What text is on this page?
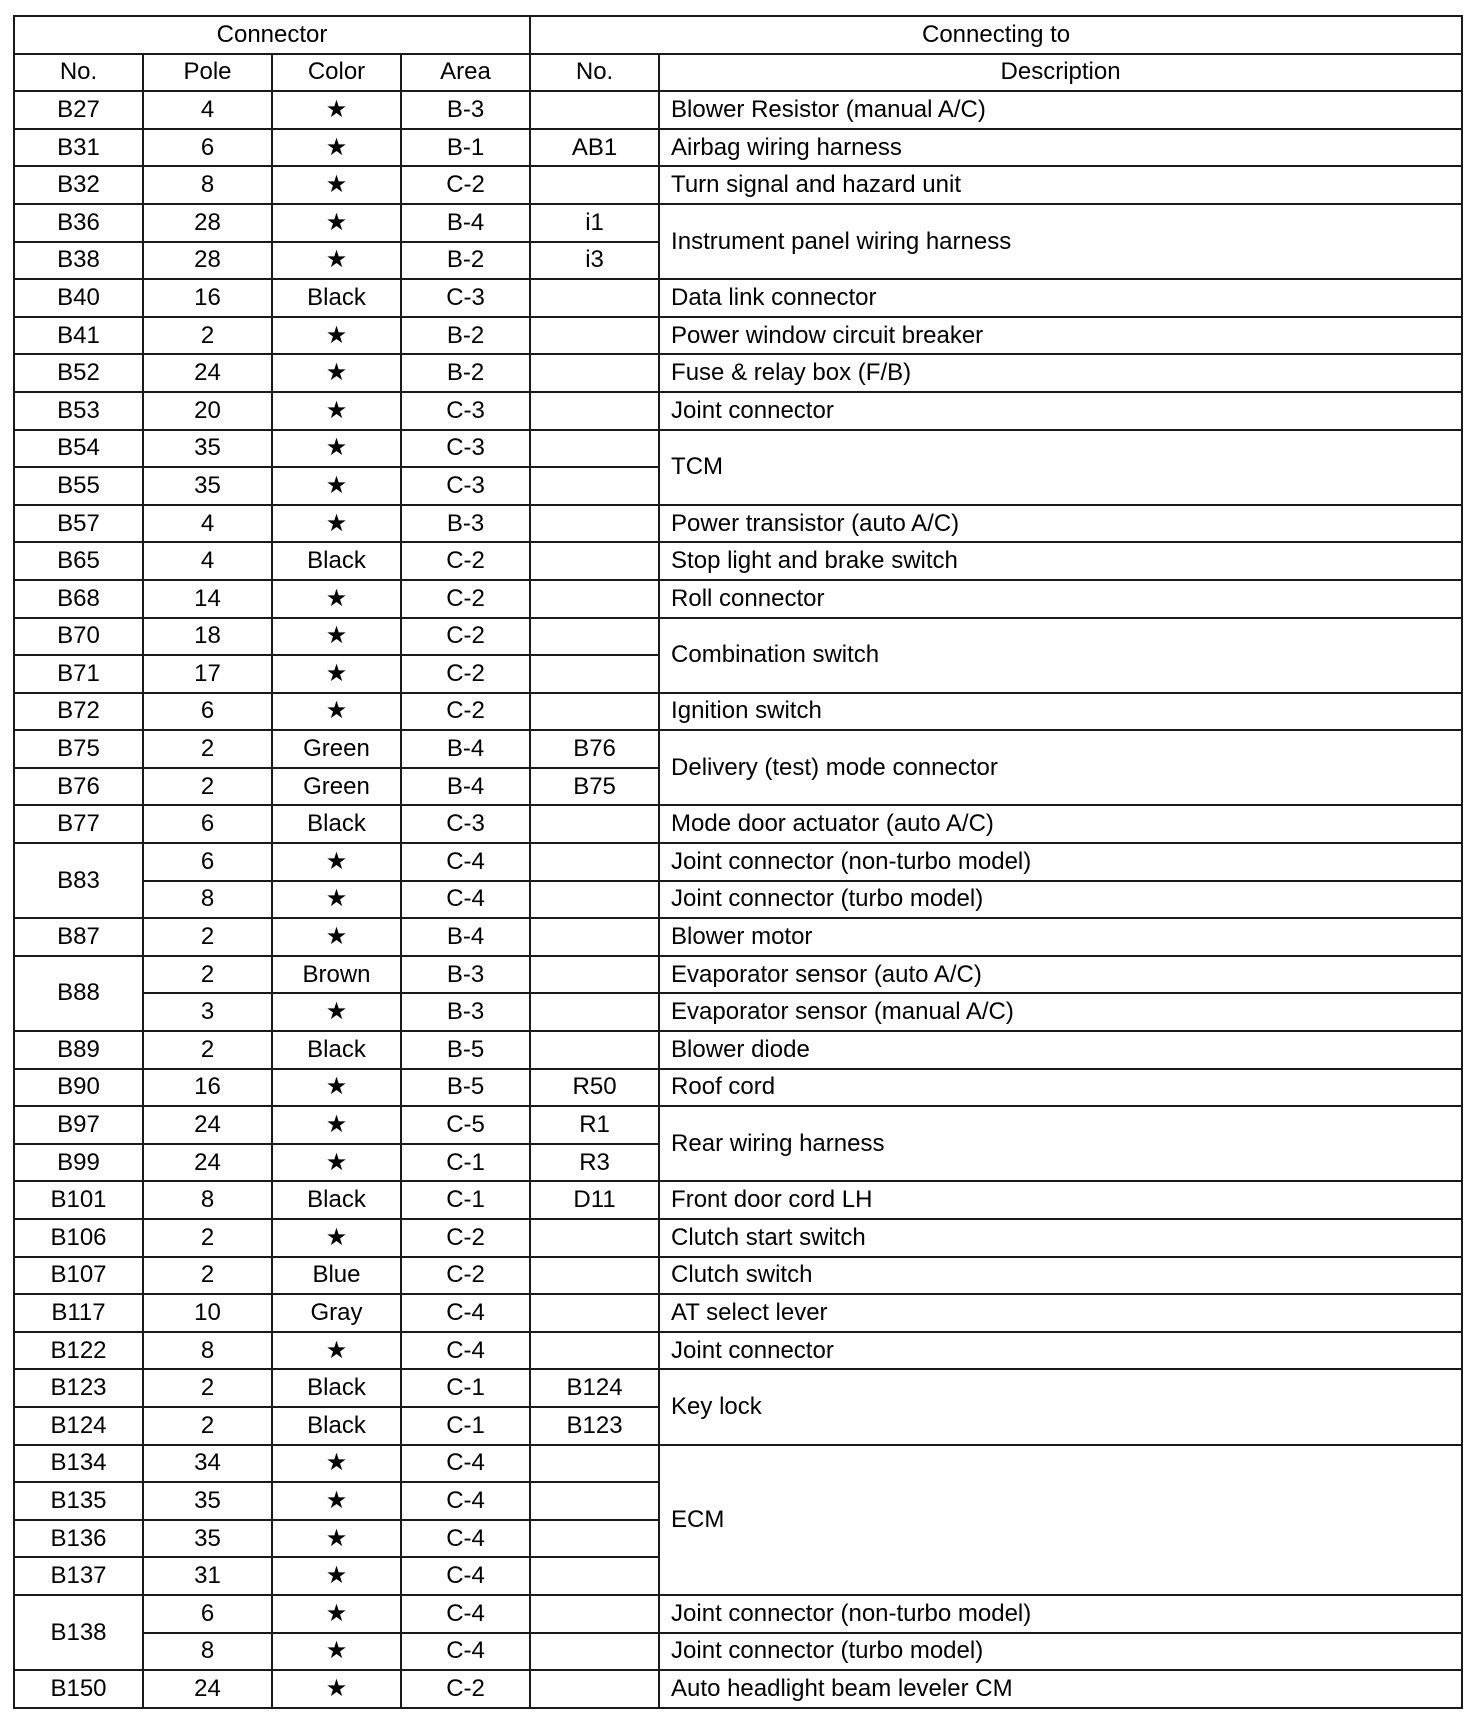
Connector				Connecting to	
No.	Pole	Color	Area	No.	Description
B27	4	★	B-3		Blower Resistor (manual A/C)
B31	6	★	B-1	AB1	Airbag wiring harness
B32	8	★	C-2		Turn signal and hazard unit
B36	28	★	B-4	i1	Instrument panel wiring harness
B38	28	★	B-2	i3	
B40	16	Black	C-3		Data link connector
B41	2	★	B-2		Power window circuit breaker
B52	24	★	B-2		Fuse & relay box (F/B)
B53	20	★	C-3		Joint connector
B54	35	★	C-3		TCM
B55	35	★	C-3		
B57	4	★	B-3		Power transistor (auto A/C)
B65	4	Black	C-2		Stop light and brake switch
B68	14	★	C-2		Roll connector
B70	18	★	C-2		Combination switch
B71	17	★	C-2		
B72	6	★	C-2		Ignition switch
B75	2	Green	B-4	B76	Delivery (test) mode connector
B76	2	Green	B-4	B75	
B77	6	Black	C-3		Mode door actuator (auto A/C)
B83	6	★	C-4		Joint connector (non-turbo model)
	8	★	C-4		Joint connector (turbo model)
B87	2	★	B-4		Blower motor
B88	2	Brown	B-3		Evaporator sensor (auto A/C)
	3	★	B-3		Evaporator sensor (manual A/C)
B89	2	Black	B-5		Blower diode
B90	16	★	B-5	R50	Roof cord
B97	24	★	C-5	R1	Rear wiring harness
B99	24	★	C-1	R3	
B101	8	Black	C-1	D11	Front door cord LH
B106	2	★	C-2		Clutch start switch
B107	2	Blue	C-2		Clutch switch
B117	10	Gray	C-4		AT select lever
B122	8	★	C-4		Joint connector
B123	2	Black	C-1	B124	Key lock
B124	2	Black	C-1	B123	
B134	34	★	C-4		ECM
B135	35	★	C-4		
B136	35	★	C-4		
B137	31	★	C-4		
B138	6	★	C-4		Joint connector (non-turbo model)
	8	★	C-4		Joint connector (turbo model)
B150	24	★	C-2		Auto headlight beam leveler CM
